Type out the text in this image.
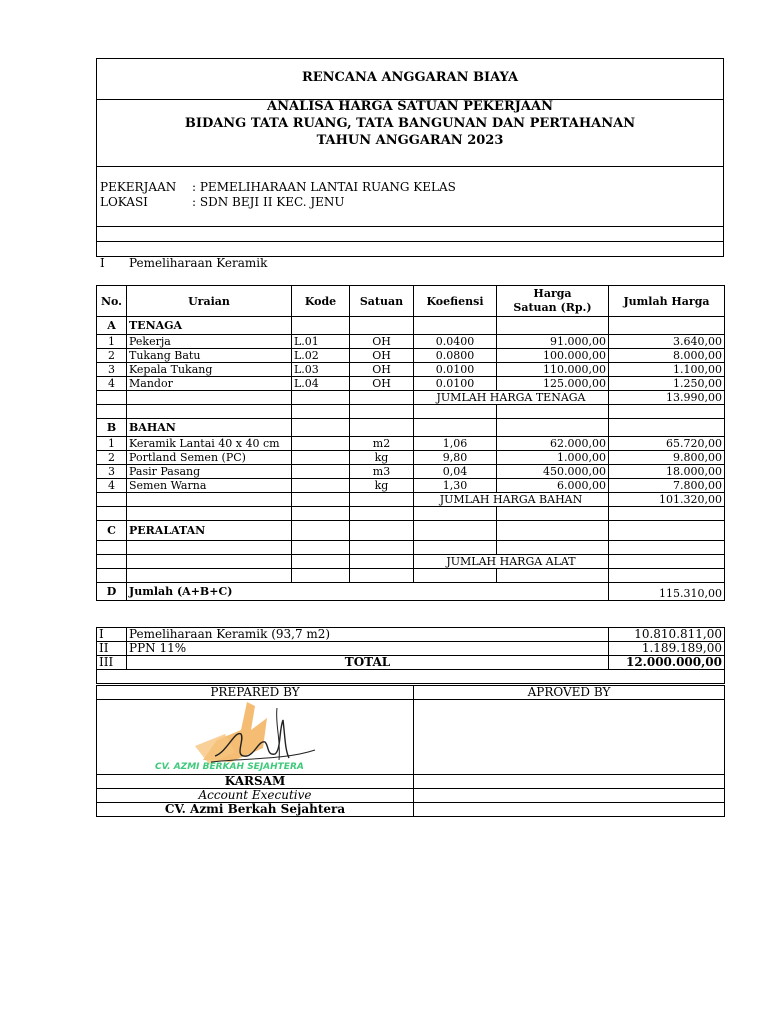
RENCANA ANGGARAN BIAYA
ANALISA HARGA SATUAN PEKERJAAN
BIDANG TATA RUANG, TATA BANGUNAN DAN PERTAHANAN
TAHUN ANGGARAN 2023
PEKERJAAN : PEMELIHARAAN LANTAI RUANG KELAS
LOKASI	: SDN BEJI II KEC. JENU
I Pemeliharaan Keramik
No.	Uraian	Kode	Satuan	Koefiensi	Harga Satuan (Rp.)	Jumlah Harga
A	TENAGA					
1	Pekerja	L.01	OH	0.0400	91.000,00	3.640,00
2	Tukang Batu	L.02	OH	0.0800	100.000,00	8.000,00
3	Kepala Tukang	L.03	OH	0.0100	110.000,00	1.100,00
4	Mandor	L.04	OH	0.0100	125.000,00	1.250,00
				JUMLAH HARGA TENAGA		13.990,00

B	BAHAN					
1	Keramik Lantai 40 x 40 cm		m2	1,06	62.000,00	65.720,00
2	Portland Semen (PC)		kg	9,80	1.000,00	9.800,00
3	Pasir Pasang		m3	0,04	450.000,00	18.000,00
4	Semen Warna		kg	1,30	6.000,00	7.800,00
				JUMLAH HARGA BAHAN		101.320,00

C	PERALATAN					

				JUMLAH HARGA ALAT		

D	Jumlah (A+B+C)					115.310,00
I	Pemeliharaan Keramik (93,7 m2)	10.810.811,00
II	PPN 11%	1.189.189,00
III	TOTAL	12.000.000,00

PREPARED BY	APROVED BY

CV. AZMI BERKAH SEJAHTERA	

KARSAM	
Account Executive	
CV. Azmi Berkah Sejahtera	
